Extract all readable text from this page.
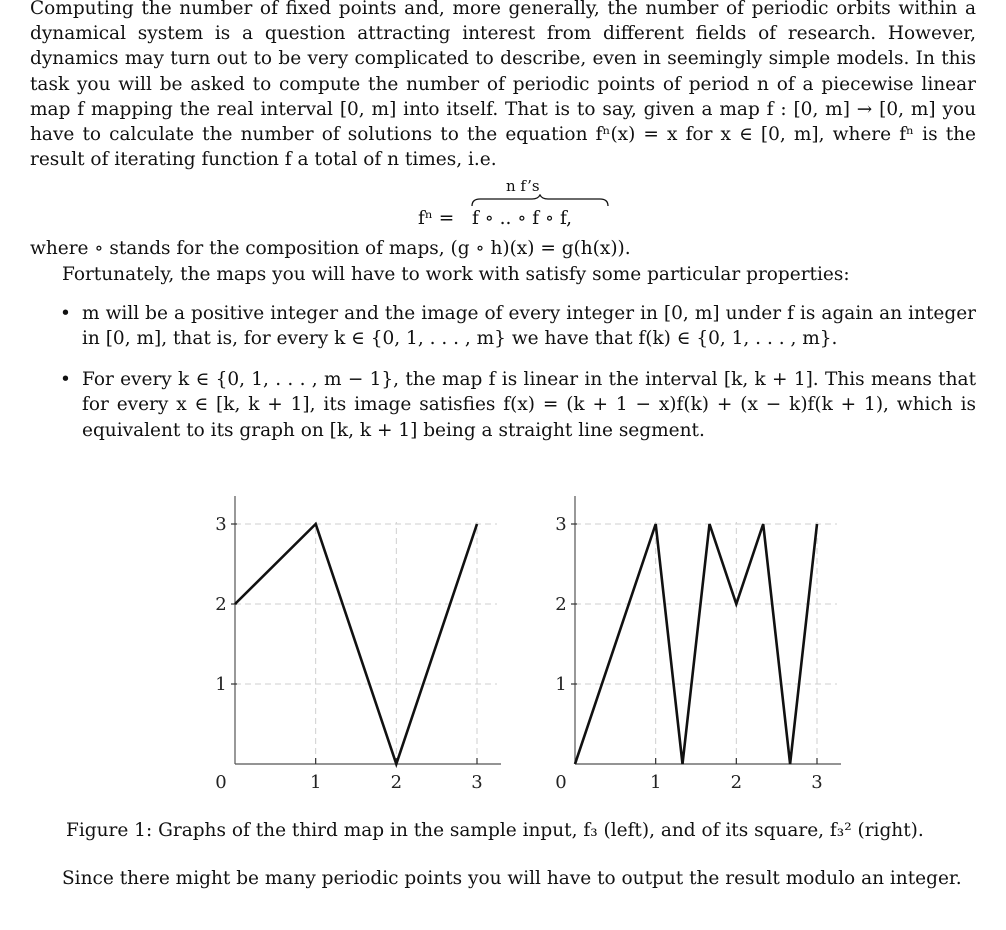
Computing the number of fixed points and, more generally, the number of periodic orbits within a dynamical system is a question attracting interest from different fields of research. However, dynamics may turn out to be very complicated to describe, even in seemingly simple models. In this task you will be asked to compute the number of periodic points of period n of a piecewise linear map f mapping the real interval [0, m] into itself. That is to say, given a map f : [0, m] → [0, m] you have to calculate the number of solutions to the equation fⁿ(x) = x for x ∈ [0, m], where fⁿ is the result of iterating function f a total of n times, i.e.

fⁿ =
n f’s
f ∘ .. ∘ f ∘ f,

where ∘ stands for the composition of maps, (g ∘ h)(x) = g(h(x)).

Fortunately, the maps you will have to work with satisfy some particular properties:

• m will be a positive integer and the image of every integer in [0, m] under f is again an integer in [0, m], that is, for every k ∈ {0, 1, . . . , m} we have that f(k) ∈ {0, 1, . . . , m}.
• For every k ∈ {0, 1, . . . , m − 1}, the map f is linear in the interval [k, k + 1]. This means that for every x ∈ [k, k + 1], its image satisfies f(x) = (k + 1 − x)f(k) + (x − k)f(k + 1), which is equivalent to its graph on [k, k + 1] being a straight line segment.
0	1	2	3
1
2
3
0	1	2	3
1
2
3
Figure 1: Graphs of the third map in the sample input, f₃ (left), and of its square, f₃² (right).
Since there might be many periodic points you will have to output the result modulo an integer.
